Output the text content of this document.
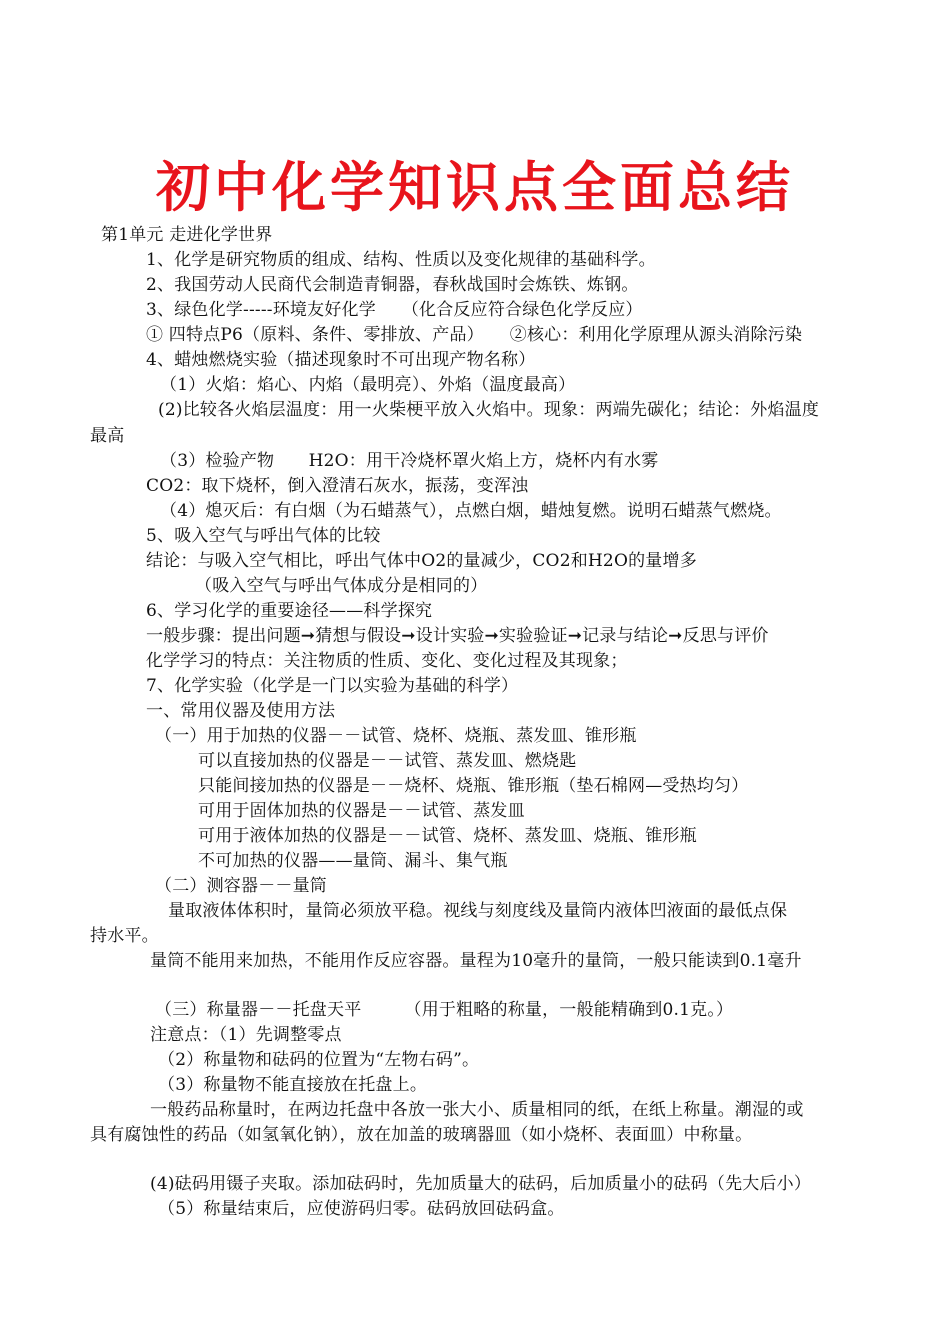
初中化学知识点全面总结
第1单元 走进化学世界
1、化学是研究物质的组成、结构、性质以及变化规律的基础科学。
2、我国劳动人民商代会制造青铜器，春秋战国时会炼铁、炼钢。
3、绿色化学-----环境友好化学　　（化合反应符合绿色化学反应）
① 四特点P6（原料、条件、零排放、产品）　　②核心：利用化学原理从源头消除污染
4、蜡烛燃烧实验（描述现象时不可出现产物名称）
（1）火焰：焰心、内焰（最明亮）、外焰（温度最高）
(2)比较各火焰层温度：用一火柴梗平放入火焰中。现象：两端先碳化；结论：外焰温度
最高
（3）检验产物　　H2O：用干冷烧杯罩火焰上方，烧杯内有水雾
CO2：取下烧杯，倒入澄清石灰水，振荡，变浑浊
（4）熄灭后：有白烟（为石蜡蒸气），点燃白烟，蜡烛复燃。说明石蜡蒸气燃烧。
5、吸入空气与呼出气体的比较
结论：与吸入空气相比，呼出气体中O2的量减少，CO2和H2O的量增多
（吸入空气与呼出气体成分是相同的）
6、学习化学的重要途径——科学探究
一般步骤：提出问题➞猜想与假设➞设计实验➞实验验证➞记录与结论➞反思与评价
化学学习的特点：关注物质的性质、变化、变化过程及其现象；
7、化学实验（化学是一门以实验为基础的科学）
一、常用仪器及使用方法
（一）用于加热的仪器－－试管、烧杯、烧瓶、蒸发皿、锥形瓶
可以直接加热的仪器是－－试管、蒸发皿、燃烧匙
只能间接加热的仪器是－－烧杯、烧瓶、锥形瓶（垫石棉网—受热均匀）
可用于固体加热的仪器是－－试管、蒸发皿
可用于液体加热的仪器是－－试管、烧杯、蒸发皿、烧瓶、锥形瓶
不可加热的仪器——量筒、漏斗、集气瓶
（二）测容器－－量筒
量取液体体积时，量筒必须放平稳。视线与刻度线及量筒内液体凹液面的最低点保
持水平。
量筒不能用来加热，不能用作反应容器。量程为10毫升的量筒，一般只能读到0.1毫升
（三）称量器－－托盘天平　　　（用于粗略的称量，一般能精确到0.1克。）
注意点：（1）先调整零点
（2）称量物和砝码的位置为“左物右码”。
（3）称量物不能直接放在托盘上。
一般药品称量时，在两边托盘中各放一张大小、质量相同的纸，在纸上称量。潮湿的或
具有腐蚀性的药品（如氢氧化钠），放在加盖的玻璃器皿（如小烧杯、表面皿）中称量。
(4)砝码用镊子夹取。添加砝码时，先加质量大的砝码，后加质量小的砝码（先大后小）
（5）称量结束后，应使游码归零。砝码放回砝码盒。
